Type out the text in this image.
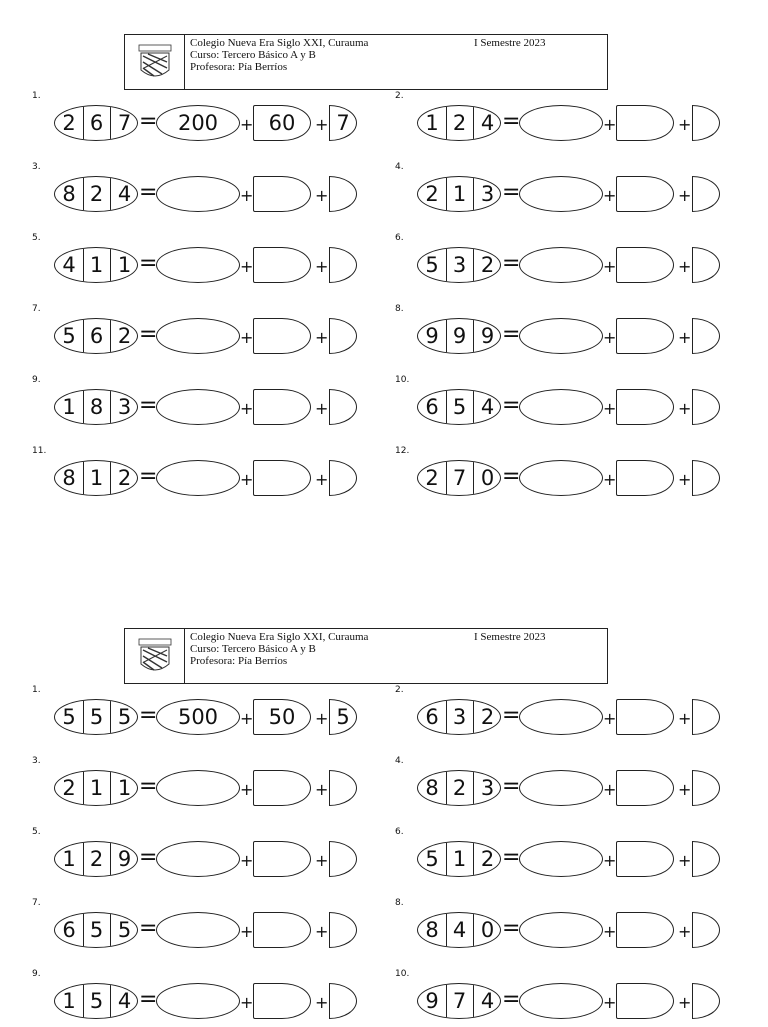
Colegio Nueva Era Siglo XXI, Curauma
Curso: Tercero Básico A y B
Profesora: Pía Berríos
I Semestre 2023
1.
2 6 7 = 200	+ 60	+ 7
2.
1 2 4 =	+	+
3.
8 2 4 =	+	+
4.
2 1 3 =	+	+
5.
4 1 1 =	+	+
6.
5 3 2 =	+	+
7.
5 6 2 =	+	+
8.
9 9 9 =	+	+
9.
1 8 3 =	+	+
10.
6 5 4 =	+	+
11.
8 1 2 =	+	+
12.
2 7 0 =	+	+
Colegio Nueva Era Siglo XXI, Curauma
Curso: Tercero Básico A y B
Profesora: Pía Berríos
I Semestre 2023
1.
5 5 5 = 500	+ 50	+ 5
2.
6 3 2 =	+	+
3.
2 1 1 =	+	+
4.
8 2 3 =	+	+
5.
1 2 9 =	+	+
6.
5 1 2 =	+	+
7.
6 5 5 =	+	+
8.
8 4 0 =	+	+
9.
1 5 4 =	+	+
10.
9 7 4 =	+	+
